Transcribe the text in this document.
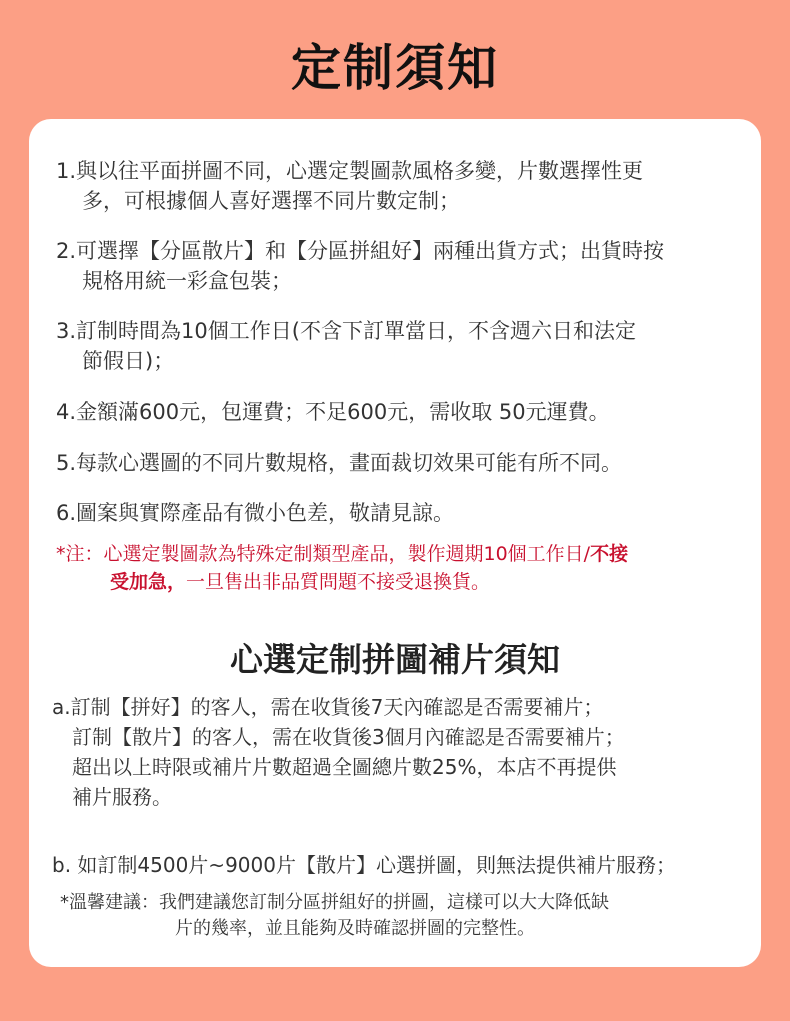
定制須知
1.與以往平面拼圖不同，心選定製圖款風格多變，片數選擇性更
多，可根據個人喜好選擇不同片數定制；
2.可選擇【分區散片】和【分區拼組好】兩種出貨方式；出貨時按
規格用統一彩盒包裝；
3.訂制時間為10個工作日(不含下訂單當日，不含週六日和法定
節假日)；
4.金額滿600元，包運費；不足600元，需收取 50元運費。
5.每款心選圖的不同片數規格，畫面裁切效果可能有所不同。
6.圖案與實際產品有微小色差，敬請見諒。
*注：心選定製圖款為特殊定制類型產品，製作週期10個工作日/不接
受加急，一旦售出非品質問題不接受退換貨。
心選定制拼圖補片須知
a.訂制【拼好】的客人，需在收貨後7天內確認是否需要補片；
訂制【散片】的客人，需在收貨後3個月內確認是否需要補片；
超出以上時限或補片片數超過全圖總片數25%，本店不再提供
補片服務。
b. 如訂制4500片~9000片【散片】心選拼圖，則無法提供補片服務；
*溫馨建議：我們建議您訂制分區拼組好的拼圖，這樣可以大大降低缺
片的幾率，並且能夠及時確認拼圖的完整性。
